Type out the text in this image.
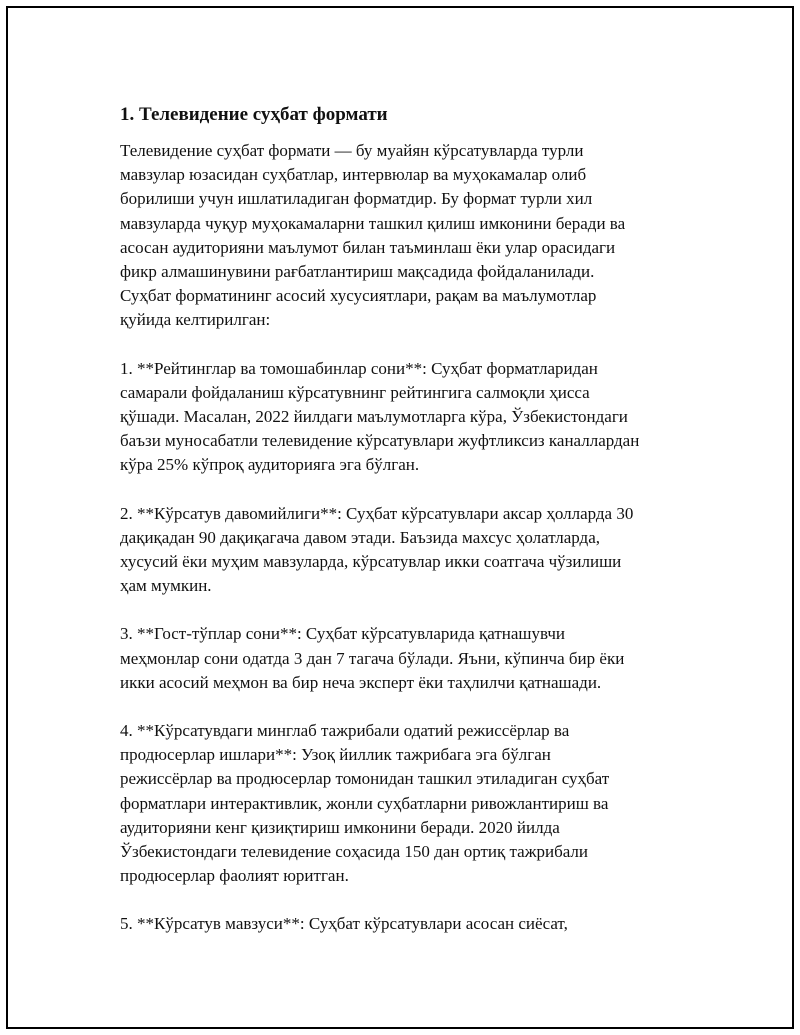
1. Телевидение суҳбат формати
Телевидение суҳбат формати — бу муайян кўрсатувларда турли
мавзулар юзасидан суҳбатлар, интервюлар ва муҳокамалар олиб
борилиши учун ишлатиладиган форматдир. Бу формат турли хил
мавзуларда чуқур муҳокамаларни ташкил қилиш имконини беради ва
асосан аудиторияни маълумот билан таъминлаш ёки улар орасидаги
фикр алмашинувини рағбатлантириш мақсадида фойдаланилади.
Суҳбат форматининг асосий хусусиятлари, рақам ва маълумотлар
қуйида келтирилган:
1. **Рейтинглар ва томошабинлар сони**: Суҳбат форматларидан
самарали фойдаланиш кўрсатувнинг рейтингига салмоқли ҳисса
қўшади. Масалан, 2022 йилдаги маълумотларга кўра, Ўзбекистондаги
баъзи муносабатли телевидение кўрсатувлари жуфтликсиз каналлардан
кўра 25% кўпроқ аудиторияга эга бўлган.
2. **Кўрсатув давомийлиги**: Суҳбат кўрсатувлари аксар ҳолларда 30
дақиқадан 90 дақиқагача давом этади. Баъзида махсус ҳолатларда,
хусусий ёки муҳим мавзуларда, кўрсатувлар икки соатгача чўзилиши
ҳам мумкин.
3. **Гост-тўплар сони**: Суҳбат кўрсатувларида қатнашувчи
меҳмонлар сони одатда 3 дан 7 тагача бўлади. Яъни, кўпинча бир ёки
икки асосий меҳмон ва бир неча эксперт ёки таҳлилчи қатнашади.
4. **Кўрсатувдаги минглаб тажрибали одатий режиссёрлар ва
продюсерлар ишлари**: Узоқ йиллик тажрибага эга бўлган
режиссёрлар ва продюсерлар томонидан ташкил этиладиган суҳбат
форматлари интерактивлик, жонли суҳбатларни ривожлантириш ва
аудиторияни кенг қизиқтириш имконини беради. 2020 йилда
Ўзбекистондаги телевидение соҳасида 150 дан ортиқ тажрибали
продюсерлар фаолият юритган.
5. **Кўрсатув мавзуси**: Суҳбат кўрсатувлари асосан сиёсат,
